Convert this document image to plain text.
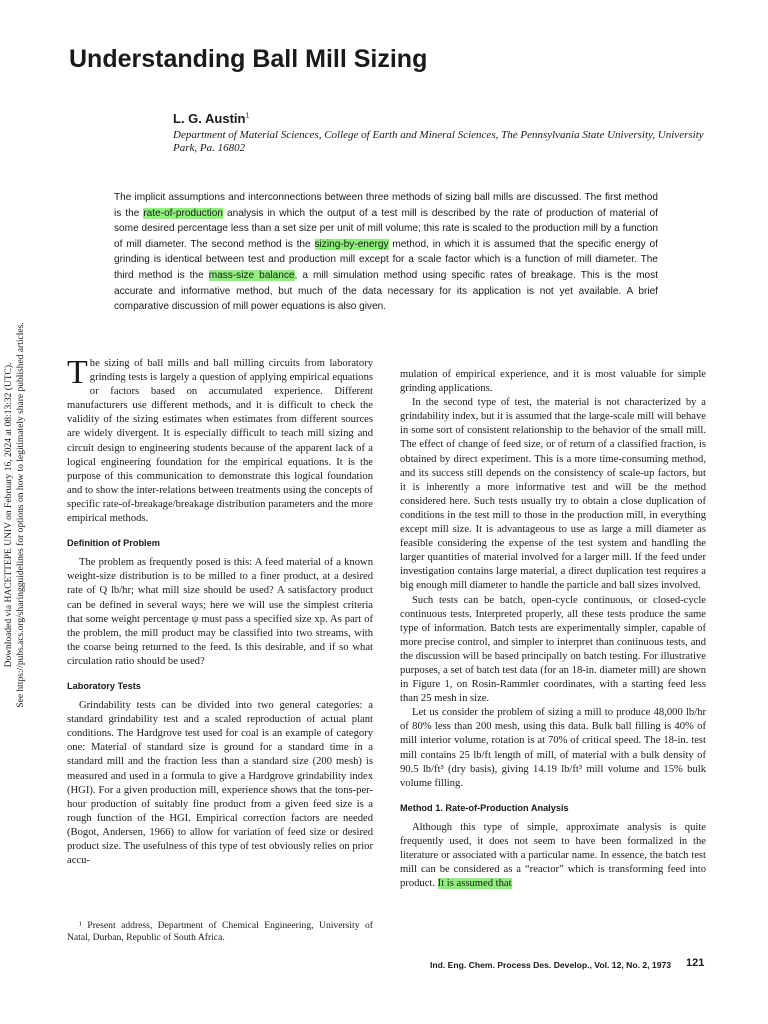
Downloaded via HACETTEPE UNIV on February 16, 2024 at 08:13:32 (UTC). See https://pubs.acs.org/sharingguidelines for options on how to legitimately share published articles.
Understanding Ball Mill Sizing
L. G. Austin$^1$
Department of Material Sciences, College of Earth and Mineral Sciences, The Pennsylvania State University, University Park, Pa. 16802

The implicit assumptions and interconnections between three methods of sizing ball mills are discussed. The first method is the rate-of-production analysis in which the output of a test mill is described by the rate of production of material of some desired percentage less than a set size per unit of mill volume; this rate is scaled to the production mill by a function of mill diameter. The second method is the sizing-by-energy method, in which it is assumed that the specific energy of grinding is identical between test and production mill except for a scale factor which is a function of mill diameter. The third method is the mass-size balance, a mill simulation method using specific rates of breakage. This is the most accurate and informative method, but much of the data necessary for its application is not yet available. A brief comparative discussion of mill power equations is also given.

The sizing of ball mills and ball milling circuits from laboratory grinding tests is largely a question of applying empirical equations or factors based on accumulated experience. Different manufacturers use different methods, and it is difficult to check the validity of the sizing estimates when estimates from different sources are widely divergent. It is especially difficult to teach mill sizing and circuit design to engineering students because of the apparent lack of a logical engineering foundation for the empirical equations. It is the purpose of this communication to demonstrate this logical foundation and to show the inter-relations between treatments using the concepts of specific rate-of-breakage/breakage distribution parameters and the more empirical methods.

Definition of Problem

The problem as frequently posed is this: A feed material of a known weight-size distribution is to be milled to a finer product, at a desired rate of Q lb/hr; what mill size should be used? A satisfactory product can be defined in several ways; here we will use the simplest criteria that some weight percentage ψ must pass a specified size xp. As part of the problem, the mill product may be classified into two streams, with the coarse being returned to the feed. Is this desirable, and if so what circulation ratio should be used?

Laboratory Tests

Grindability tests can be divided into two general categories: a standard grindability test and a scaled reproduction of actual plant conditions. The Hardgrove test used for coal is an example of category one: Material of standard size is ground for a standard time in a standard mill and the fraction less than a standard size (200 mesh) is measured and used in a formula to give a Hardgrove grindability index (HGI). For a given production mill, experience shows that the tons-per-hour production of suitably fine product from a given feed size is a rough function of the HGI. Empirical correction factors are needed (Bogot, Andersen, 1966) to allow for variation of feed size or desired product size. The usefulness of this type of test obviously relies on prior accu-

¹ Present address, Department of Chemical Engineering, University of Natal, Durban, Republic of South Africa.

mulation of empirical experience, and it is most valuable for simple grinding applications.

In the second type of test, the material is not characterized by a grindability index, but it is assumed that the large-scale mill will behave in some sort of consistent relationship to the behavior of the small mill. The effect of change of feed size, or of return of a classified fraction, is obtained by direct experiment. This is a more time-consuming method, and its success still depends on the consistency of scale-up factors, but it is inherently a more informative test and will be the method considered here. Such tests usually try to obtain a close duplication of conditions in the test mill to those in the production mill, in everything except mill size. It is advantageous to use as large a mill diameter as feasible considering the expense of the test system and handling the larger quantities of material involved for a larger mill. If the feed under investigation contains large material, a direct duplication test requires a big enough mill diameter to handle the particle and ball sizes involved.

Such tests can be batch, open-cycle continuous, or closed-cycle continuous tests. Interpreted properly, all these tests produce the same type of information. Batch tests are experimentally simpler, capable of more precise control, and simpler to interpret than continuous tests, and the discussion will be based principally on batch testing. For illustrative purposes, a set of batch test data (for an 18-in. diameter mill) are shown in Figure 1, on Rosin-Rammler coordinates, with a starting feed less than 25 mesh in size.

Let us consider the problem of sizing a mill to produce 48,000 lb/hr of 80% less than 200 mesh, using this data. Bulk ball filling is 40% of mill interior volume, rotation is at 70% of critical speed. The 18-in. test mill contains 25 lb/ft length of mill, of material with a bulk density of 90.5 lb/ft³ (dry basis), giving 14.19 lb/ft³ mill volume and 15% bulk volume filling.

Method 1. Rate-of-Production Analysis

Although this type of simple, approximate analysis is quite frequently used, it does not seem to have been formalized in the literature or associated with a particular name. In essence, the batch test mill can be considered as a “reactor” which is transforming feed into product. It is assumed that

Ind. Eng. Chem. Process Des. Develop., Vol. 12, No. 2, 1973 121
